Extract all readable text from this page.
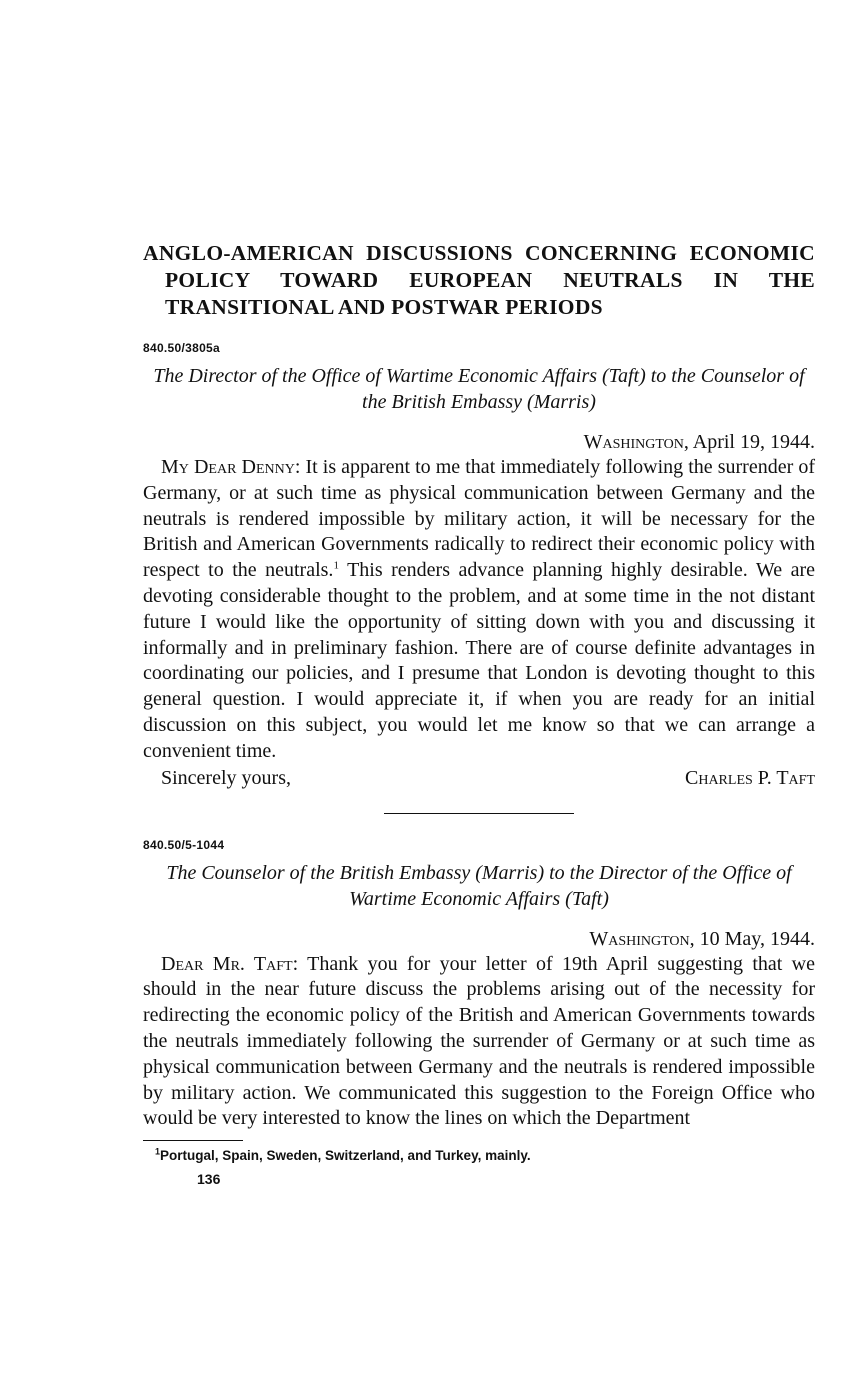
ANGLO-AMERICAN DISCUSSIONS CONCERNING ECONOMIC POLICY TOWARD EUROPEAN NEUTRALS IN THE TRANSITIONAL AND POSTWAR PERIODS

840.50/3805a

The Director of the Office of Wartime Economic Affairs (Taft) to the Counselor of the British Embassy (Marris)

Washington, April 19, 1944.

My Dear Denny: It is apparent to me that immediately following the surrender of Germany, or at such time as physical communication between Germany and the neutrals is rendered impossible by military action, it will be necessary for the British and American Governments radically to redirect their economic policy with respect to the neutrals.$^1$ This renders advance planning highly desirable. We are devoting considerable thought to the problem, and at some time in the not distant future I would like the opportunity of sitting down with you and discussing it informally and in preliminary fashion. There are of course definite advantages in coordinating our policies, and I presume that London is devoting thought to this general question. I would appreciate it, if when you are ready for an initial discussion on this subject, you would let me know so that we can arrange a convenient time.

Sincerely yours,	Charles P. Taft

840.50/5-1044

The Counselor of the British Embassy (Marris) to the Director of the Office of Wartime Economic Affairs (Taft)

Washington, 10 May, 1944.

Dear Mr. Taft: Thank you for your letter of 19th April suggesting that we should in the near future discuss the problems arising out of the necessity for redirecting the economic policy of the British and American Governments towards the neutrals immediately following the surrender of Germany or at such time as physical communication between Germany and the neutrals is rendered impossible by military action. We communicated this suggestion to the Foreign Office who would be very interested to know the lines on which the Department

$^1$Portugal, Spain, Sweden, Switzerland, and Turkey, mainly.

136
